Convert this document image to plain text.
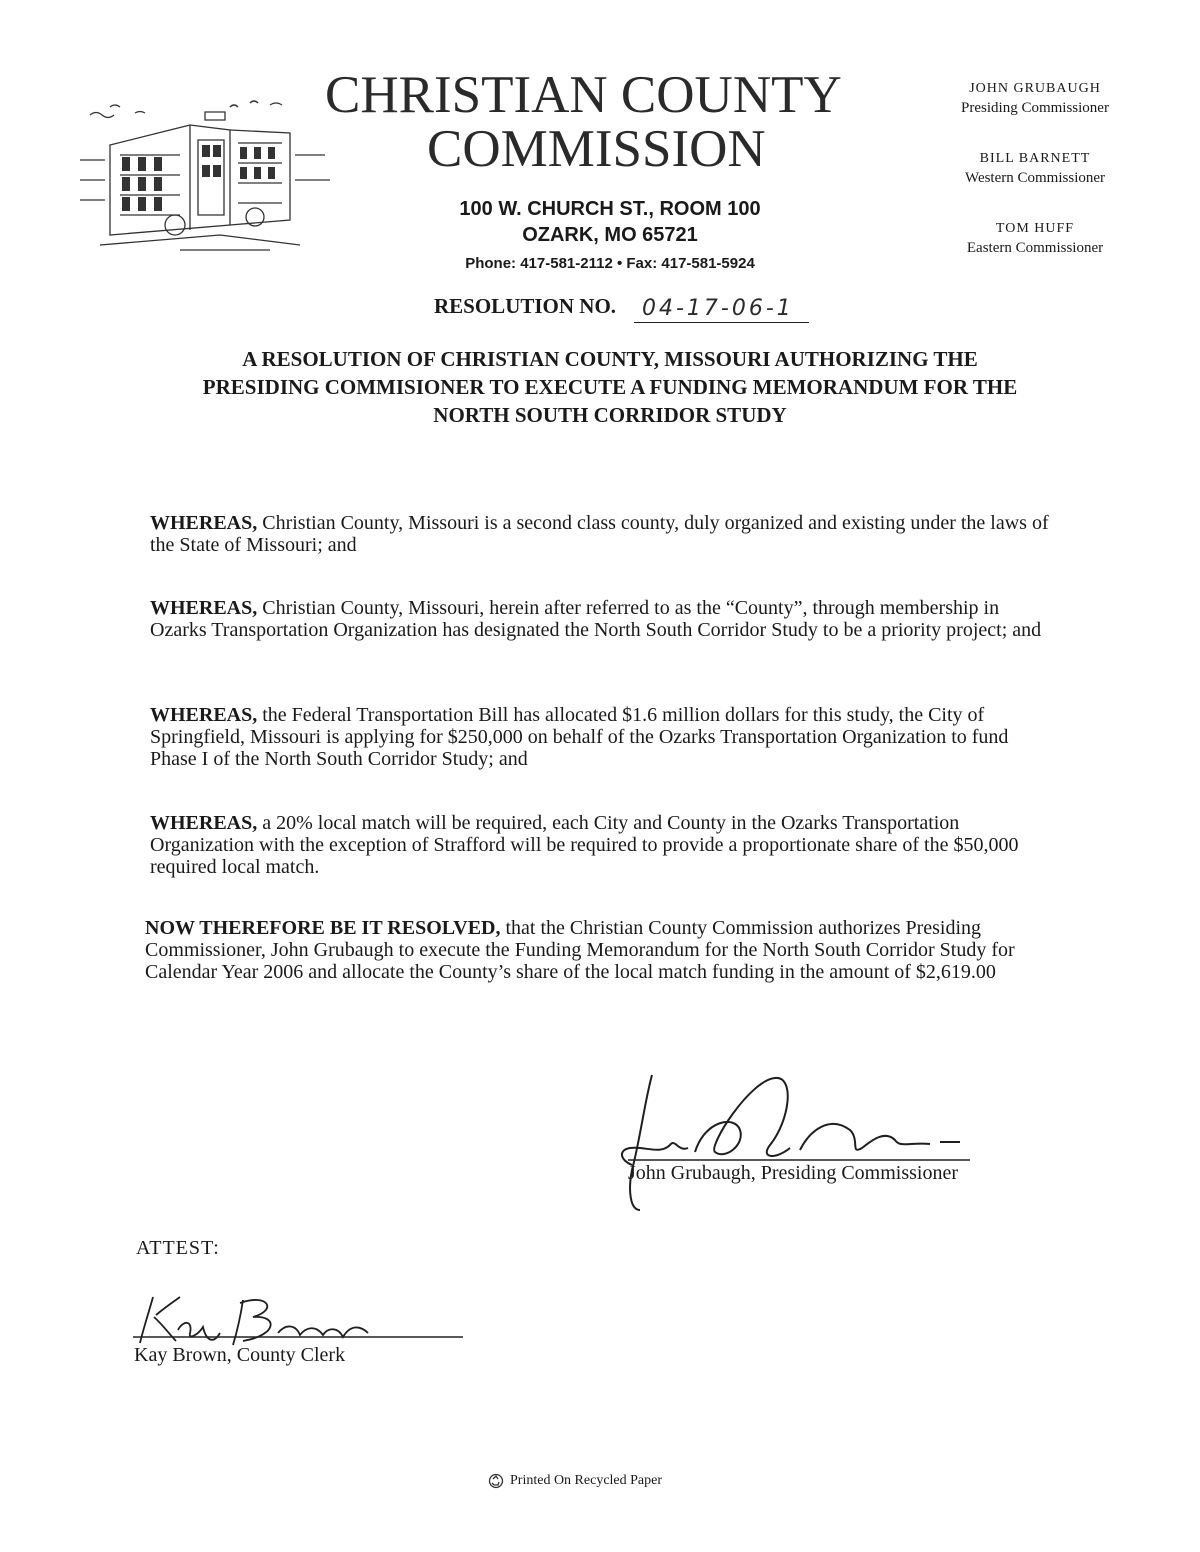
CHRISTIAN COUNTY
COMMISSION
100 W. CHURCH ST., ROOM 100
OZARK, MO 65721
Phone: 417-581-2112 • Fax: 417-581-5924
JOHN GRUBAUGH
Presiding Commissioner
BILL BARNETT
Western Commissioner
TOM HUFF
Eastern Commissioner
RESOLUTION NO. 04-17-06-1
A RESOLUTION OF CHRISTIAN COUNTY, MISSOURI AUTHORIZING THE
PRESIDING COMMISIONER TO EXECUTE A FUNDING MEMORANDUM FOR THE
NORTH SOUTH CORRIDOR STUDY
WHEREAS, Christian County, Missouri is a second class county, duly organized and existing under the laws of the State of Missouri; and
WHEREAS, Christian County, Missouri, herein after referred to as the “County”, through membership in Ozarks Transportation Organization has designated the North South Corridor Study to be a priority project; and
WHEREAS, the Federal Transportation Bill has allocated $1.6 million dollars for this study, the City of Springfield, Missouri is applying for $250,000 on behalf of the Ozarks Transportation Organization to fund Phase I of the North South Corridor Study; and
WHEREAS, a 20% local match will be required, each City and County in the Ozarks Transportation Organization with the exception of Strafford will be required to provide a proportionate share of the $50,000 required local match.
NOW THEREFORE BE IT RESOLVED, that the Christian County Commission authorizes Presiding Commissioner, John Grubaugh to execute the Funding Memorandum for the North South Corridor Study for Calendar Year 2006 and allocate the County’s share of the local match funding in the amount of $2,619.00
John Grubaugh, Presiding Commissioner
ATTEST:
Kay Brown, County Clerk
Printed On Recycled Paper
